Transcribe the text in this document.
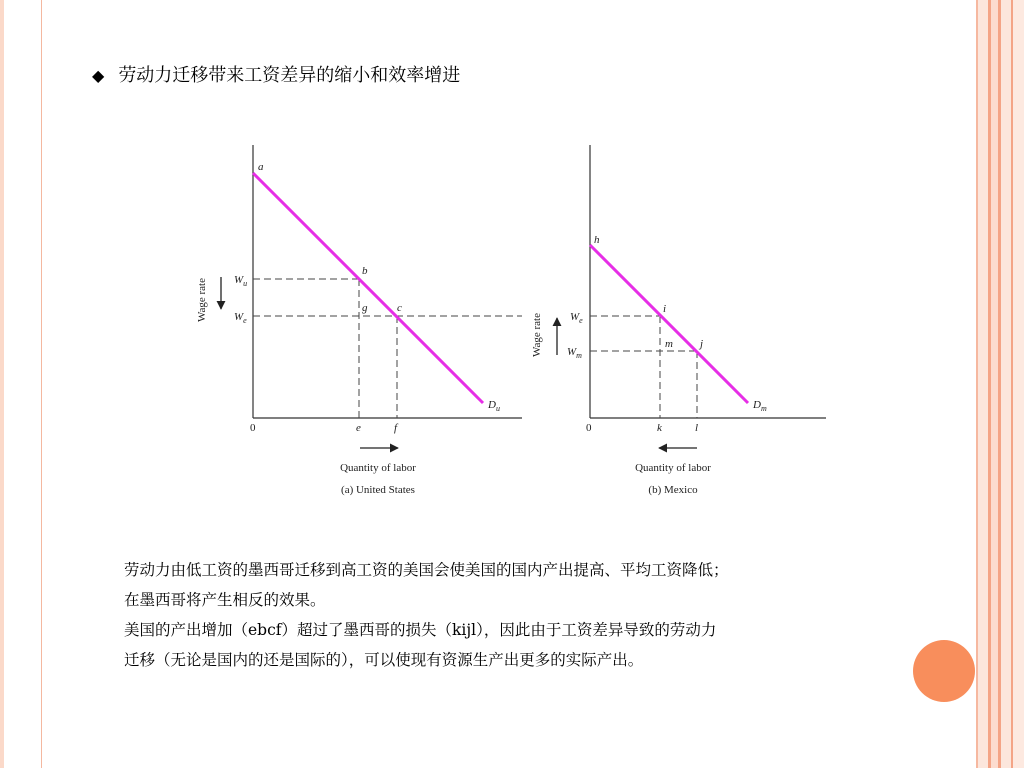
◆ 劳动力迁移带来工资差异的缩小和效率增进
Wage rate $W_u$
$W_e$
a
b
g	c
$D_u$
0	e	f
Quantity of labor
(a) United States
Wage rate $W_e$
$W_m$
h
i
m j
$D_m$
0	k	l
Quantity of labor
(b) Mexico
劳动力由低工资的墨西哥迁移到高工资的美国会使美国的国内产出提高、平均工资降低；
在墨西哥将产生相反的效果。
美国的产出增加（ebcf）超过了墨西哥的损失（kijl），因此由于工资差异导致的劳动力
迁移（无论是国内的还是国际的），可以使现有资源生产出更多的实际产出。
